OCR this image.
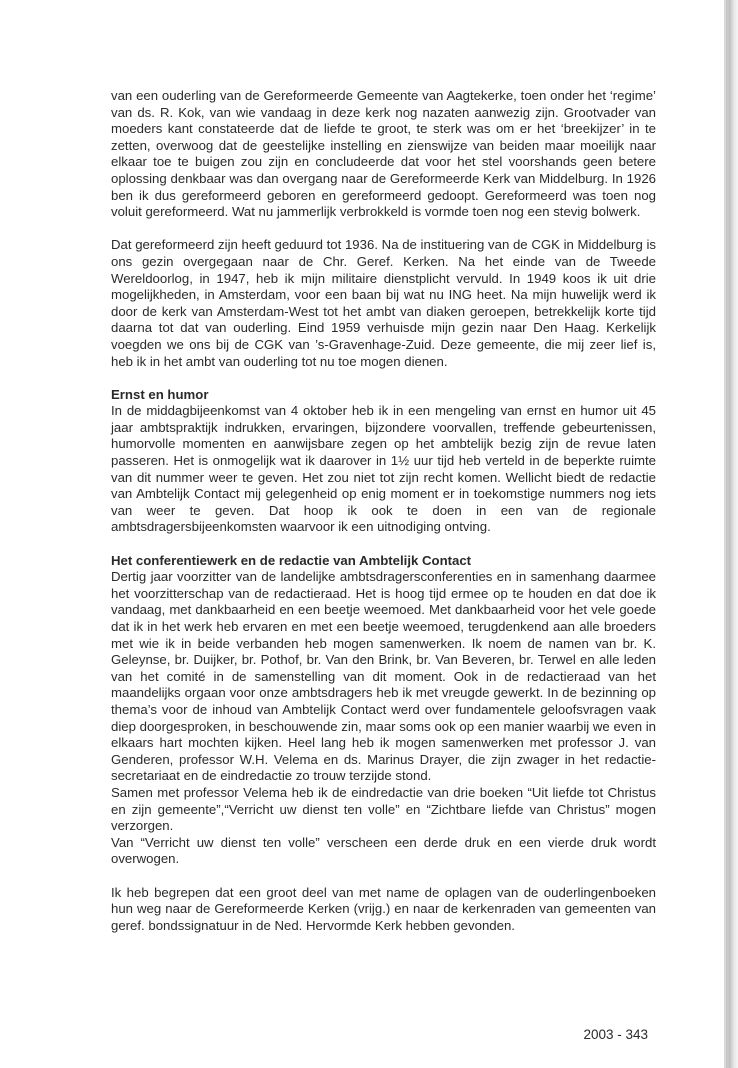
van een ouderling van de Gereformeerde Gemeente van Aagtekerke, toen onder het ‘regime’ van ds. R. Kok, van wie vandaag in deze kerk nog nazaten aanwezig zijn. Grootvader van moeders kant constateerde dat de liefde te groot, te sterk was om er het ‘breekijzer’ in te zetten, overwoog dat de geestelijke instelling en zienswijze van beiden maar moeilijk naar elkaar toe te buigen zou zijn en concludeerde dat voor het stel voorshands geen betere oplossing denkbaar was dan overgang naar de Gereformeerde Kerk van Middelburg. In 1926 ben ik dus gereformeerd geboren en gereformeerd gedoopt. Gereformeerd was toen nog voluit gereformeerd. Wat nu jammerlijk verbrokkeld is vormde toen nog een stevig bolwerk.

Dat gereformeerd zijn heeft geduurd tot 1936. Na de instituering van de CGK in Middelburg is ons gezin overgegaan naar de Chr. Geref. Kerken. Na het einde van de Tweede Wereldoorlog, in 1947, heb ik mijn militaire dienstplicht vervuld. In 1949 koos ik uit drie mogelijkheden, in Amsterdam, voor een baan bij wat nu ING heet. Na mijn huwelijk werd ik door de kerk van Amsterdam-West tot het ambt van diaken geroepen, betrekkelijk korte tijd daarna tot dat van ouderling. Eind 1959 verhuisde mijn gezin naar Den Haag. Kerkelijk voegden we ons bij de CGK van ’s-Gravenhage-Zuid. Deze gemeente, die mij zeer lief is, heb ik in het ambt van ouderling tot nu toe mogen dienen.

Ernst en humor

In de middagbijeenkomst van 4 oktober heb ik in een mengeling van ernst en humor uit 45 jaar ambtspraktijk indrukken, ervaringen, bijzondere voorvallen, treffende gebeurtenissen, humorvolle momenten en aanwijsbare zegen op het ambtelijk bezig zijn de revue laten passeren. Het is onmogelijk wat ik daarover in 1½ uur tijd heb verteld in de beperkte ruimte van dit nummer weer te geven. Het zou niet tot zijn recht komen. Wellicht biedt de redactie van Ambtelijk Contact mij gelegenheid op enig moment er in toekomstige nummers nog iets van weer te geven. Dat hoop ik ook te doen in een van de regionale ambtsdragersbijeenkomsten waarvoor ik een uitnodiging ontving.

Het conferentiewerk en de redactie van Ambtelijk Contact

Dertig jaar voorzitter van de landelijke ambtsdragersconferenties en in samenhang daarmee het voorzitterschap van de redactieraad. Het is hoog tijd ermee op te houden en dat doe ik vandaag, met dankbaarheid en een beetje weemoed. Met dankbaarheid voor het vele goede dat ik in het werk heb ervaren en met een beetje weemoed, terugdenkend aan alle broeders met wie ik in beide verbanden heb mogen samenwerken. Ik noem de namen van br. K. Geleynse, br. Duijker, br. Pothof, br. Van den Brink, br. Van Beveren, br. Terwel en alle leden van het comité in de samenstelling van dit moment. Ook in de redactieraad van het maandelijks orgaan voor onze ambtsdragers heb ik met vreugde gewerkt. In de bezinning op thema’s voor de inhoud van Ambtelijk Contact werd over fundamentele geloofsvragen vaak diep doorgesproken, in beschouwende zin, maar soms ook op een manier waarbij we even in elkaars hart mochten kijken. Heel lang heb ik mogen samenwerken met professor J. van Genderen, professor W.H. Velema en ds. Marinus Drayer, die zijn zwager in het redactie-secretariaat en de eindredactie zo trouw terzijde stond.

Samen met professor Velema heb ik de eindredactie van drie boeken “Uit liefde tot Christus en zijn gemeente”,“Verricht uw dienst ten volle” en “Zichtbare liefde van Christus” mogen verzorgen.

Van “Verricht uw dienst ten volle” verscheen een derde druk en een vierde druk wordt overwogen.

Ik heb begrepen dat een groot deel van met name de oplagen van de ouderlingenboeken hun weg naar de Gereformeerde Kerken (vrijg.) en naar de kerkenraden van gemeenten van geref. bondssignatuur in de Ned. Hervormde Kerk hebben gevonden.

2003 - 343
